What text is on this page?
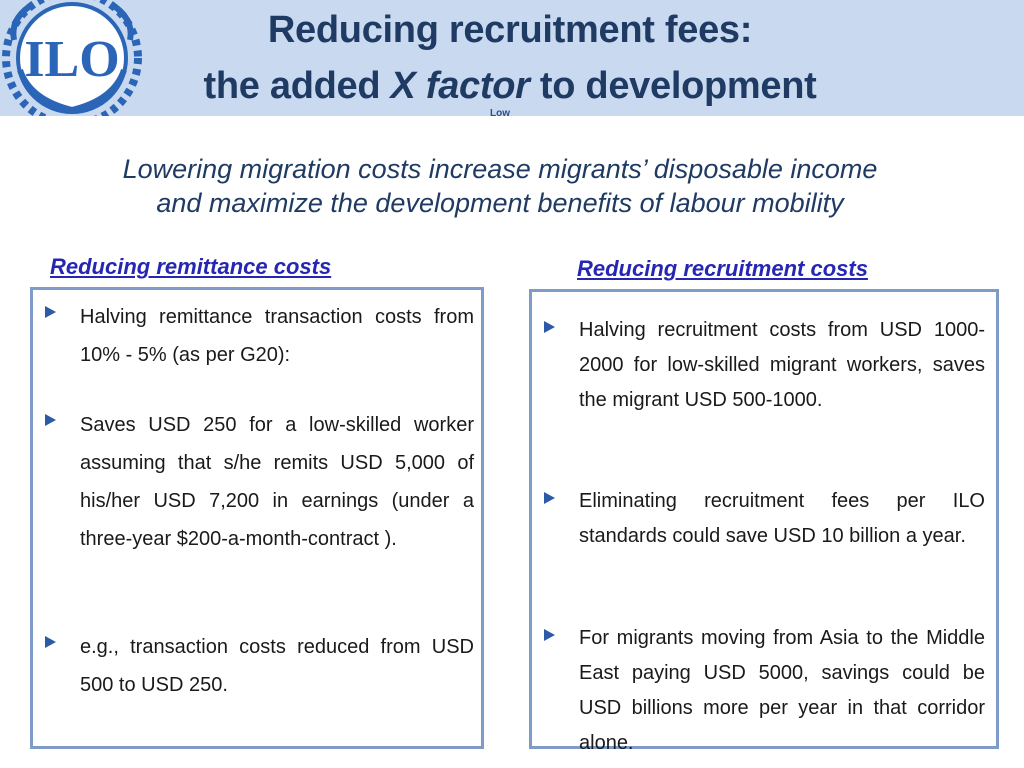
ILO
Reducing recruitment fees:
the added X factor to development
Low
Lowering migration costs increase migrants’ disposable income
and maximize the development benefits of labour mobility
Reducing remittance costs	Reducing recruitment costs
Halving remittance transaction costs from 10% - 5% (as per G20):
Saves USD 250 for a low-skilled worker assuming that s/he remits USD 5,000 of his/her USD 7,200 in earnings (under a three-year $200-a-month-contract ).
e.g., transaction costs reduced from USD 500 to USD 250.
Halving recruitment costs from USD 1000-2000 for low-skilled migrant workers, saves the migrant USD 500-1000.
Eliminating recruitment fees per ILO standards could save USD 10 billion a year.
For migrants moving from Asia to the Middle East paying USD 5000, savings could be USD billions more per year in that corridor alone.
